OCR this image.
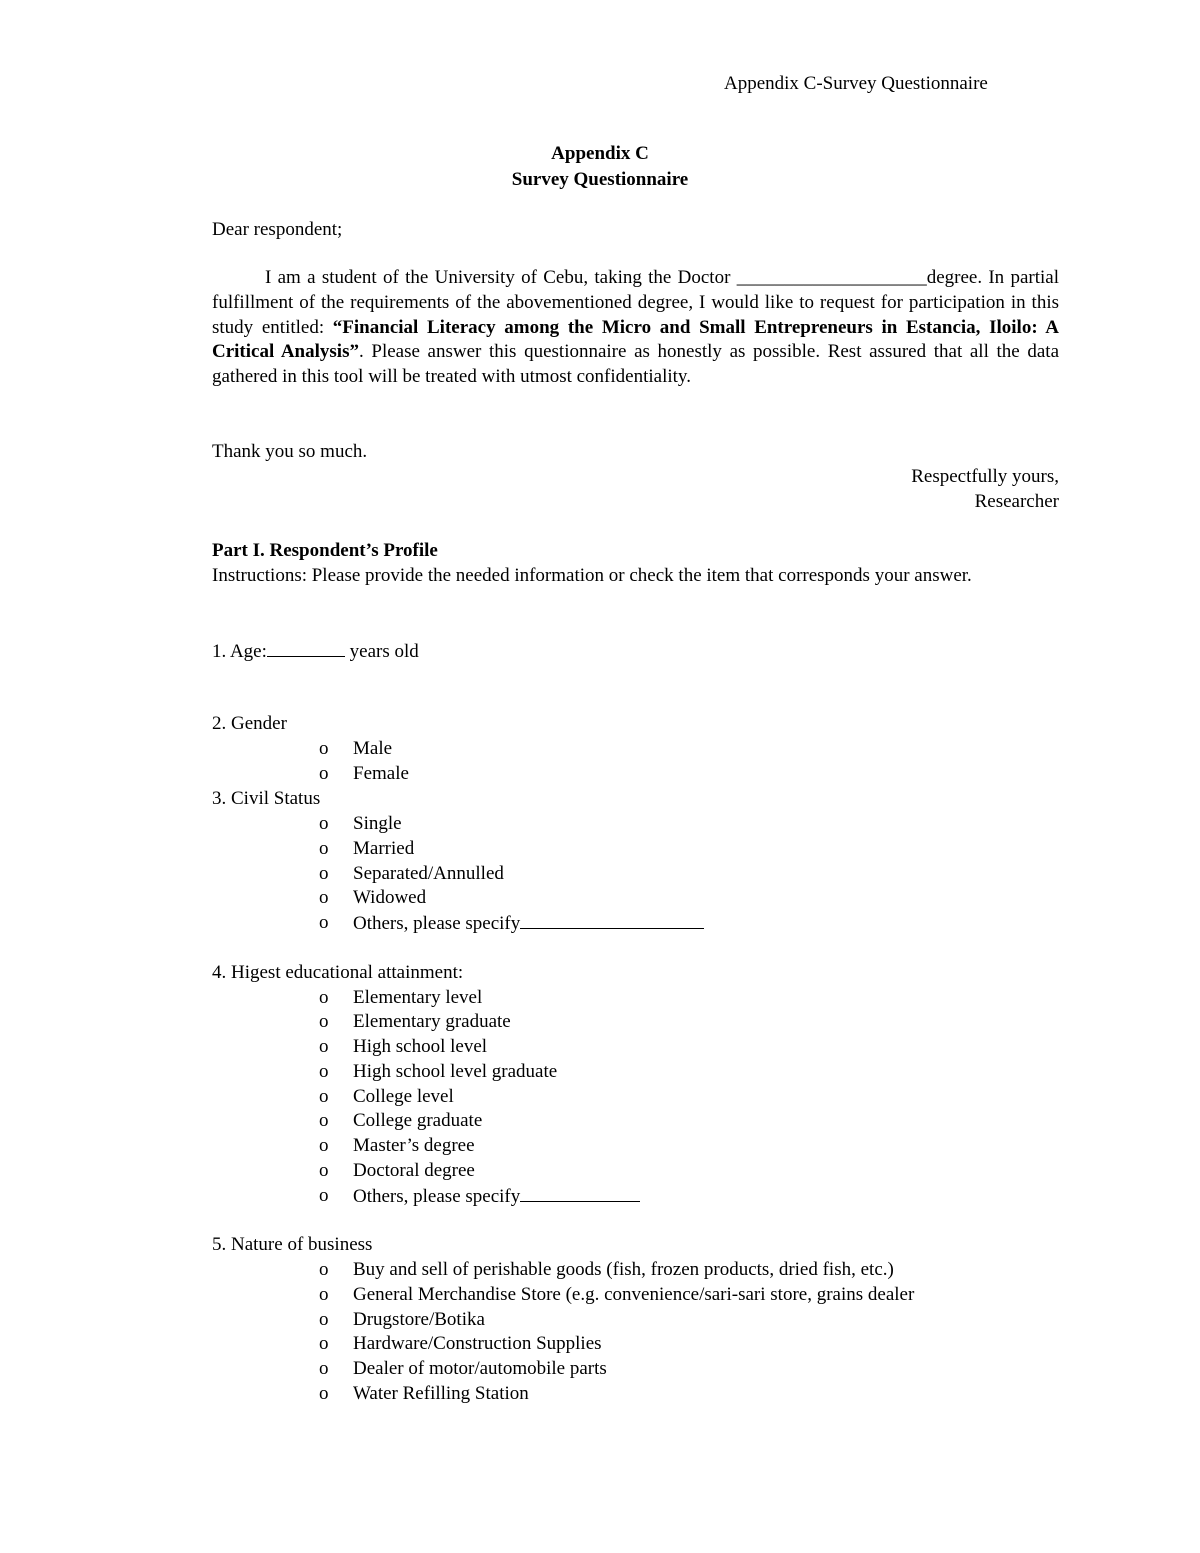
Appendix C-Survey Questionnaire
Appendix C
Survey Questionnaire
Dear respondent;
I am a student of the University of Cebu, taking the Doctor ____________________degree. In partial fulfillment of the requirements of the abovementioned degree, I would like to request for participation in this study entitled: “Financial Literacy among the Micro and Small Entrepreneurs in Estancia, Iloilo: A Critical Analysis”. Please answer this questionnaire as honestly as possible. Rest assured that all the data gathered in this tool will be treated with utmost confidentiality.
Thank you so much.
Respectfully yours,
Researcher
Part I. Respondent’s Profile
Instructions: Please provide the needed information or check the item that corresponds your answer.
1. Age:	years old
2. Gender
o Male
o Female
3. Civil Status
o Single
o Married
o Separated/Annulled
o Widowed
o Others, please specify
4. Higest educational attainment:
o Elementary level
o Elementary graduate
o High school level
o High school level graduate
o College level
o College graduate
o Master’s degree
o Doctoral degree
o Others, please specify
5. Nature of business
o Buy and sell of perishable goods (fish, frozen products, dried fish, etc.)
o General Merchandise Store (e.g. convenience/sari-sari store, grains dealer
o Drugstore/Botika
o Hardware/Construction Supplies
o Dealer of motor/automobile parts
o Water Refilling Station
